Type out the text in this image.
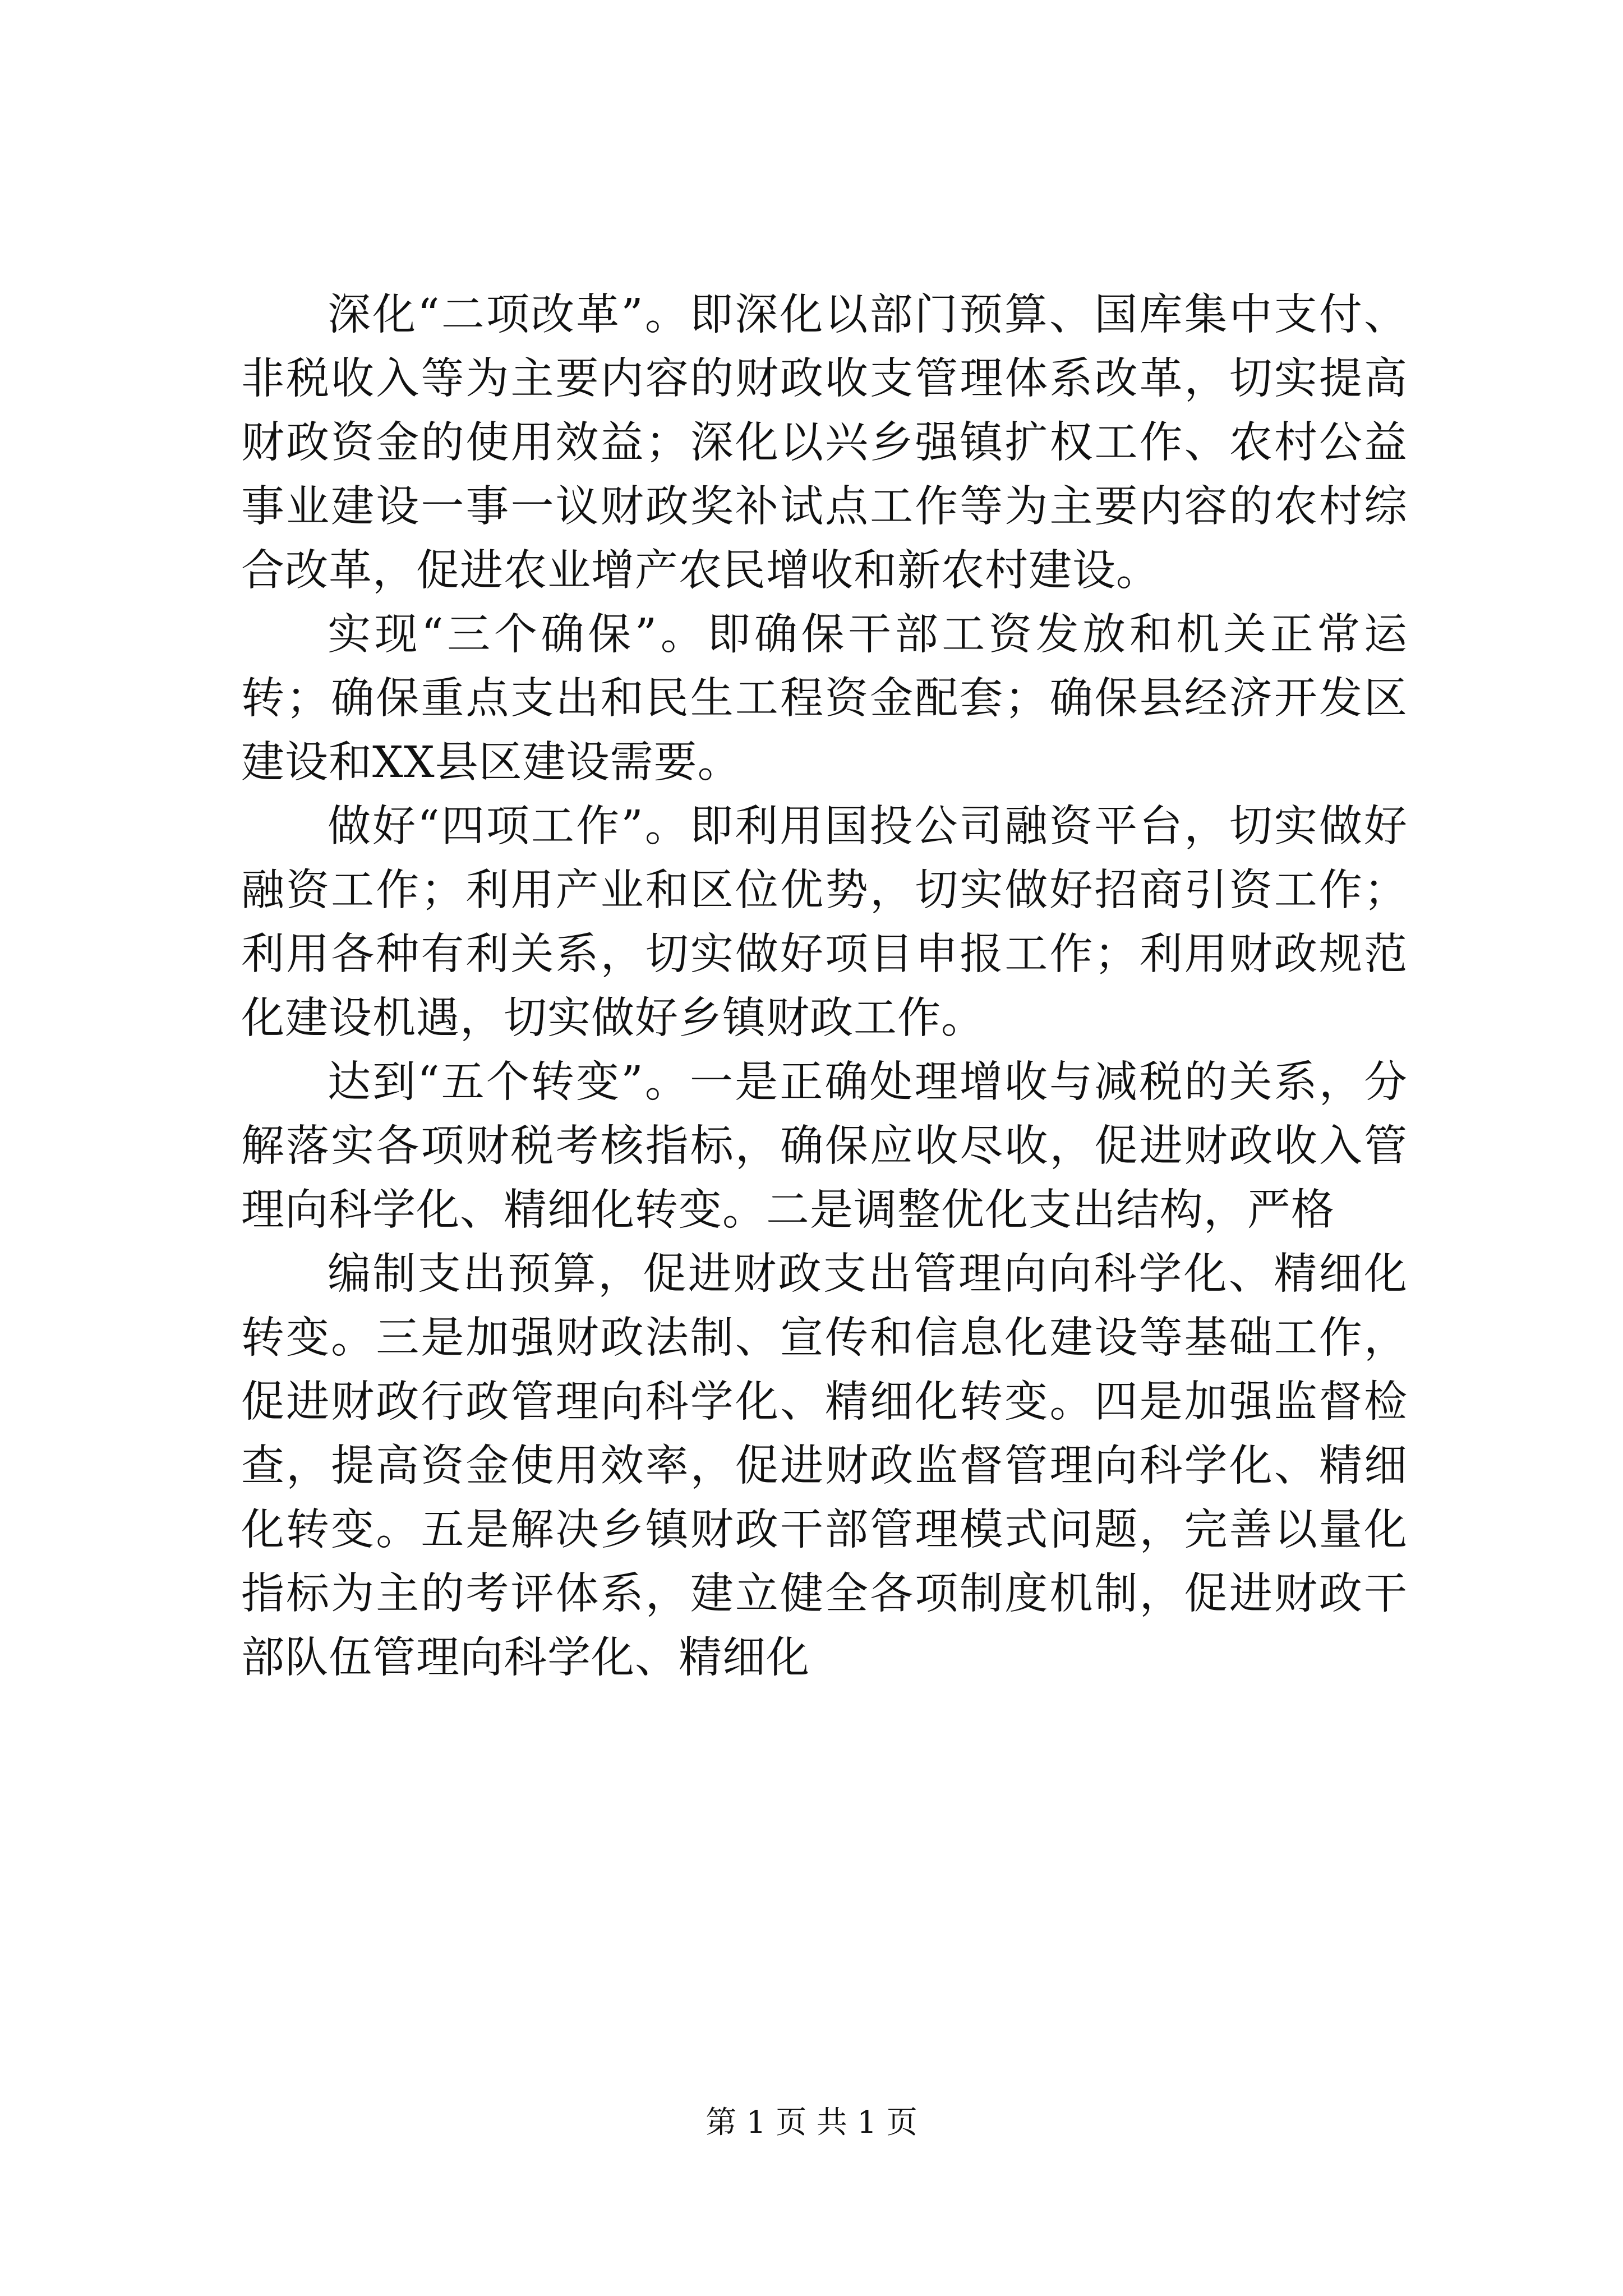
深化“二项改革”。即深化以部门预算、国库集中支付、非税收入等为主要内容的财政收支管理体系改革，切实提高财政资金的使用效益；深化以兴乡强镇扩权工作、农村公益事业建设一事一议财政奖补试点工作等为主要内容的农村综合改革，促进农业增产农民增收和新农村建设。

实现“三个确保”。即确保干部工资发放和机关正常运转；确保重点支出和民生工程资金配套；确保县经济开发区建设和XX县区建设需要。

做好“四项工作”。即利用国投公司融资平台，切实做好融资工作；利用产业和区位优势，切实做好招商引资工作；利用各种有利关系，切实做好项目申报工作；利用财政规范化建设机遇，切实做好乡镇财政工作。

达到“五个转变”。一是正确处理增收与减税的关系，分解落实各项财税考核指标，确保应收尽收，促进财政收入管理向科学化、精细化转变。二是调整优化支出结构，严格

编制支出预算，促进财政支出管理向向科学化、精细化转变。三是加强财政法制、宣传和信息化建设等基础工作，促进财政行政管理向科学化、精细化转变。四是加强监督检查，提高资金使用效率，促进财政监督管理向科学化、精细化转变。五是解决乡镇财政干部管理模式问题，完善以量化指标为主的考评体系，建立健全各项制度机制，促进财政干部队伍管理向科学化、精细化

第 1 页 共 1 页
